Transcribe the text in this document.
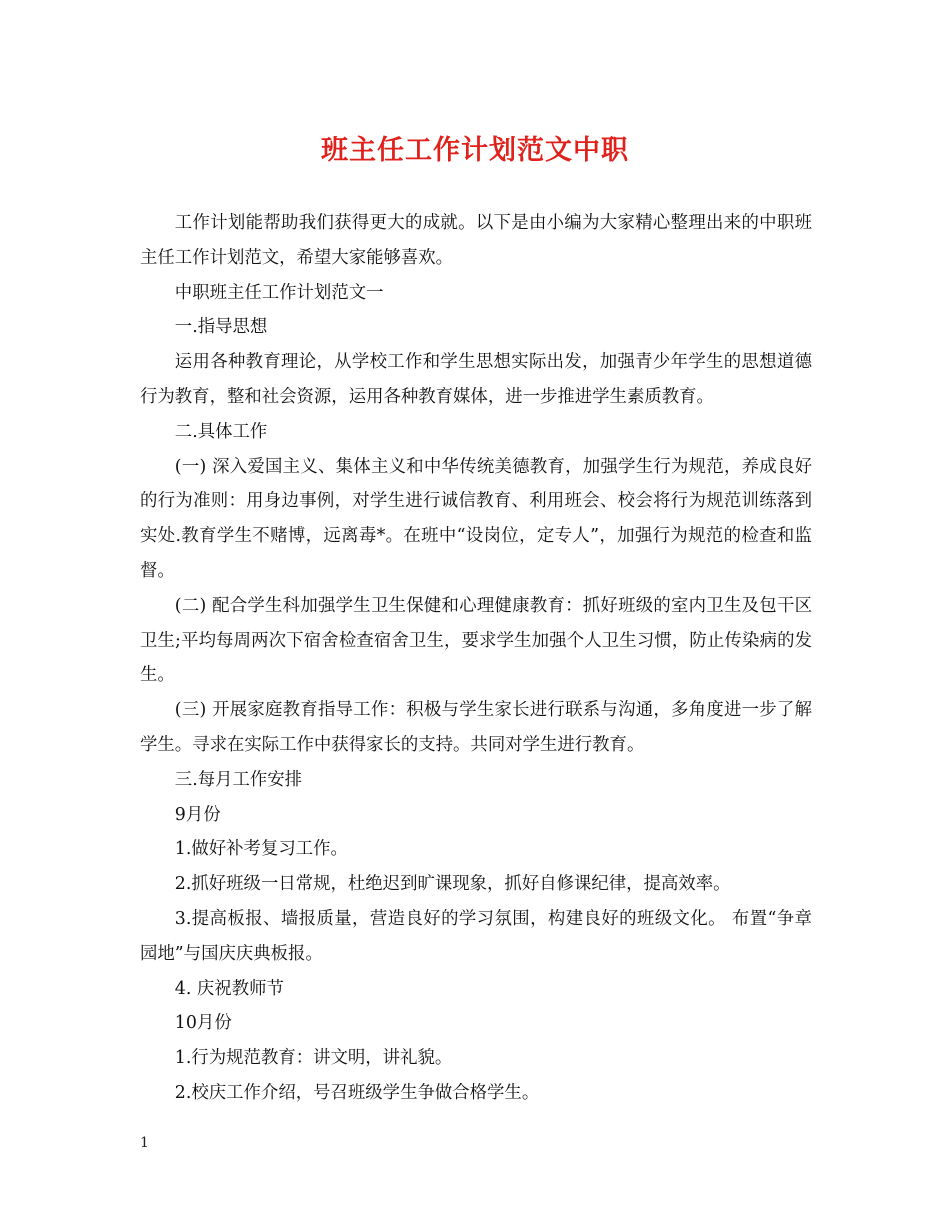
班主任工作计划范文中职

工作计划能帮助我们获得更大的成就。以下是由小编为大家精心整理出来的中职班主任工作计划范文，希望大家能够喜欢。

中职班主任工作计划范文一

一.指导思想

运用各种教育理论，从学校工作和学生思想实际出发，加强青少年学生的思想道德行为教育，整和社会资源，运用各种教育媒体，进一步推进学生素质教育。

二.具体工作

(一) 深入爱国主义、集体主义和中华传统美德教育，加强学生行为规范，养成良好的行为准则：用身边事例，对学生进行诚信教育、利用班会、校会将行为规范训练落到实处.教育学生不赌博，远离毒*。在班中“设岗位，定专人”，加强行为规范的检查和监督。

(二) 配合学生科加强学生卫生保健和心理健康教育：抓好班级的室内卫生及包干区卫生;平均每周两次下宿舍检查宿舍卫生，要求学生加强个人卫生习惯，防止传染病的发生。

(三) 开展家庭教育指导工作：积极与学生家长进行联系与沟通，多角度进一步了解学生。寻求在实际工作中获得家长的支持。共同对学生进行教育。

三.每月工作安排

9月份

1.做好补考复习工作。

2.抓好班级一日常规，杜绝迟到旷课现象，抓好自修课纪律，提高效率。

3.提高板报、墙报质量，营造良好的学习氛围，构建良好的班级文化。 布置“争章园地”与国庆庆典板报。

4. 庆祝教师节

10月份

1.行为规范教育：讲文明，讲礼貌。

2.校庆工作介绍，号召班级学生争做合格学生。

1
